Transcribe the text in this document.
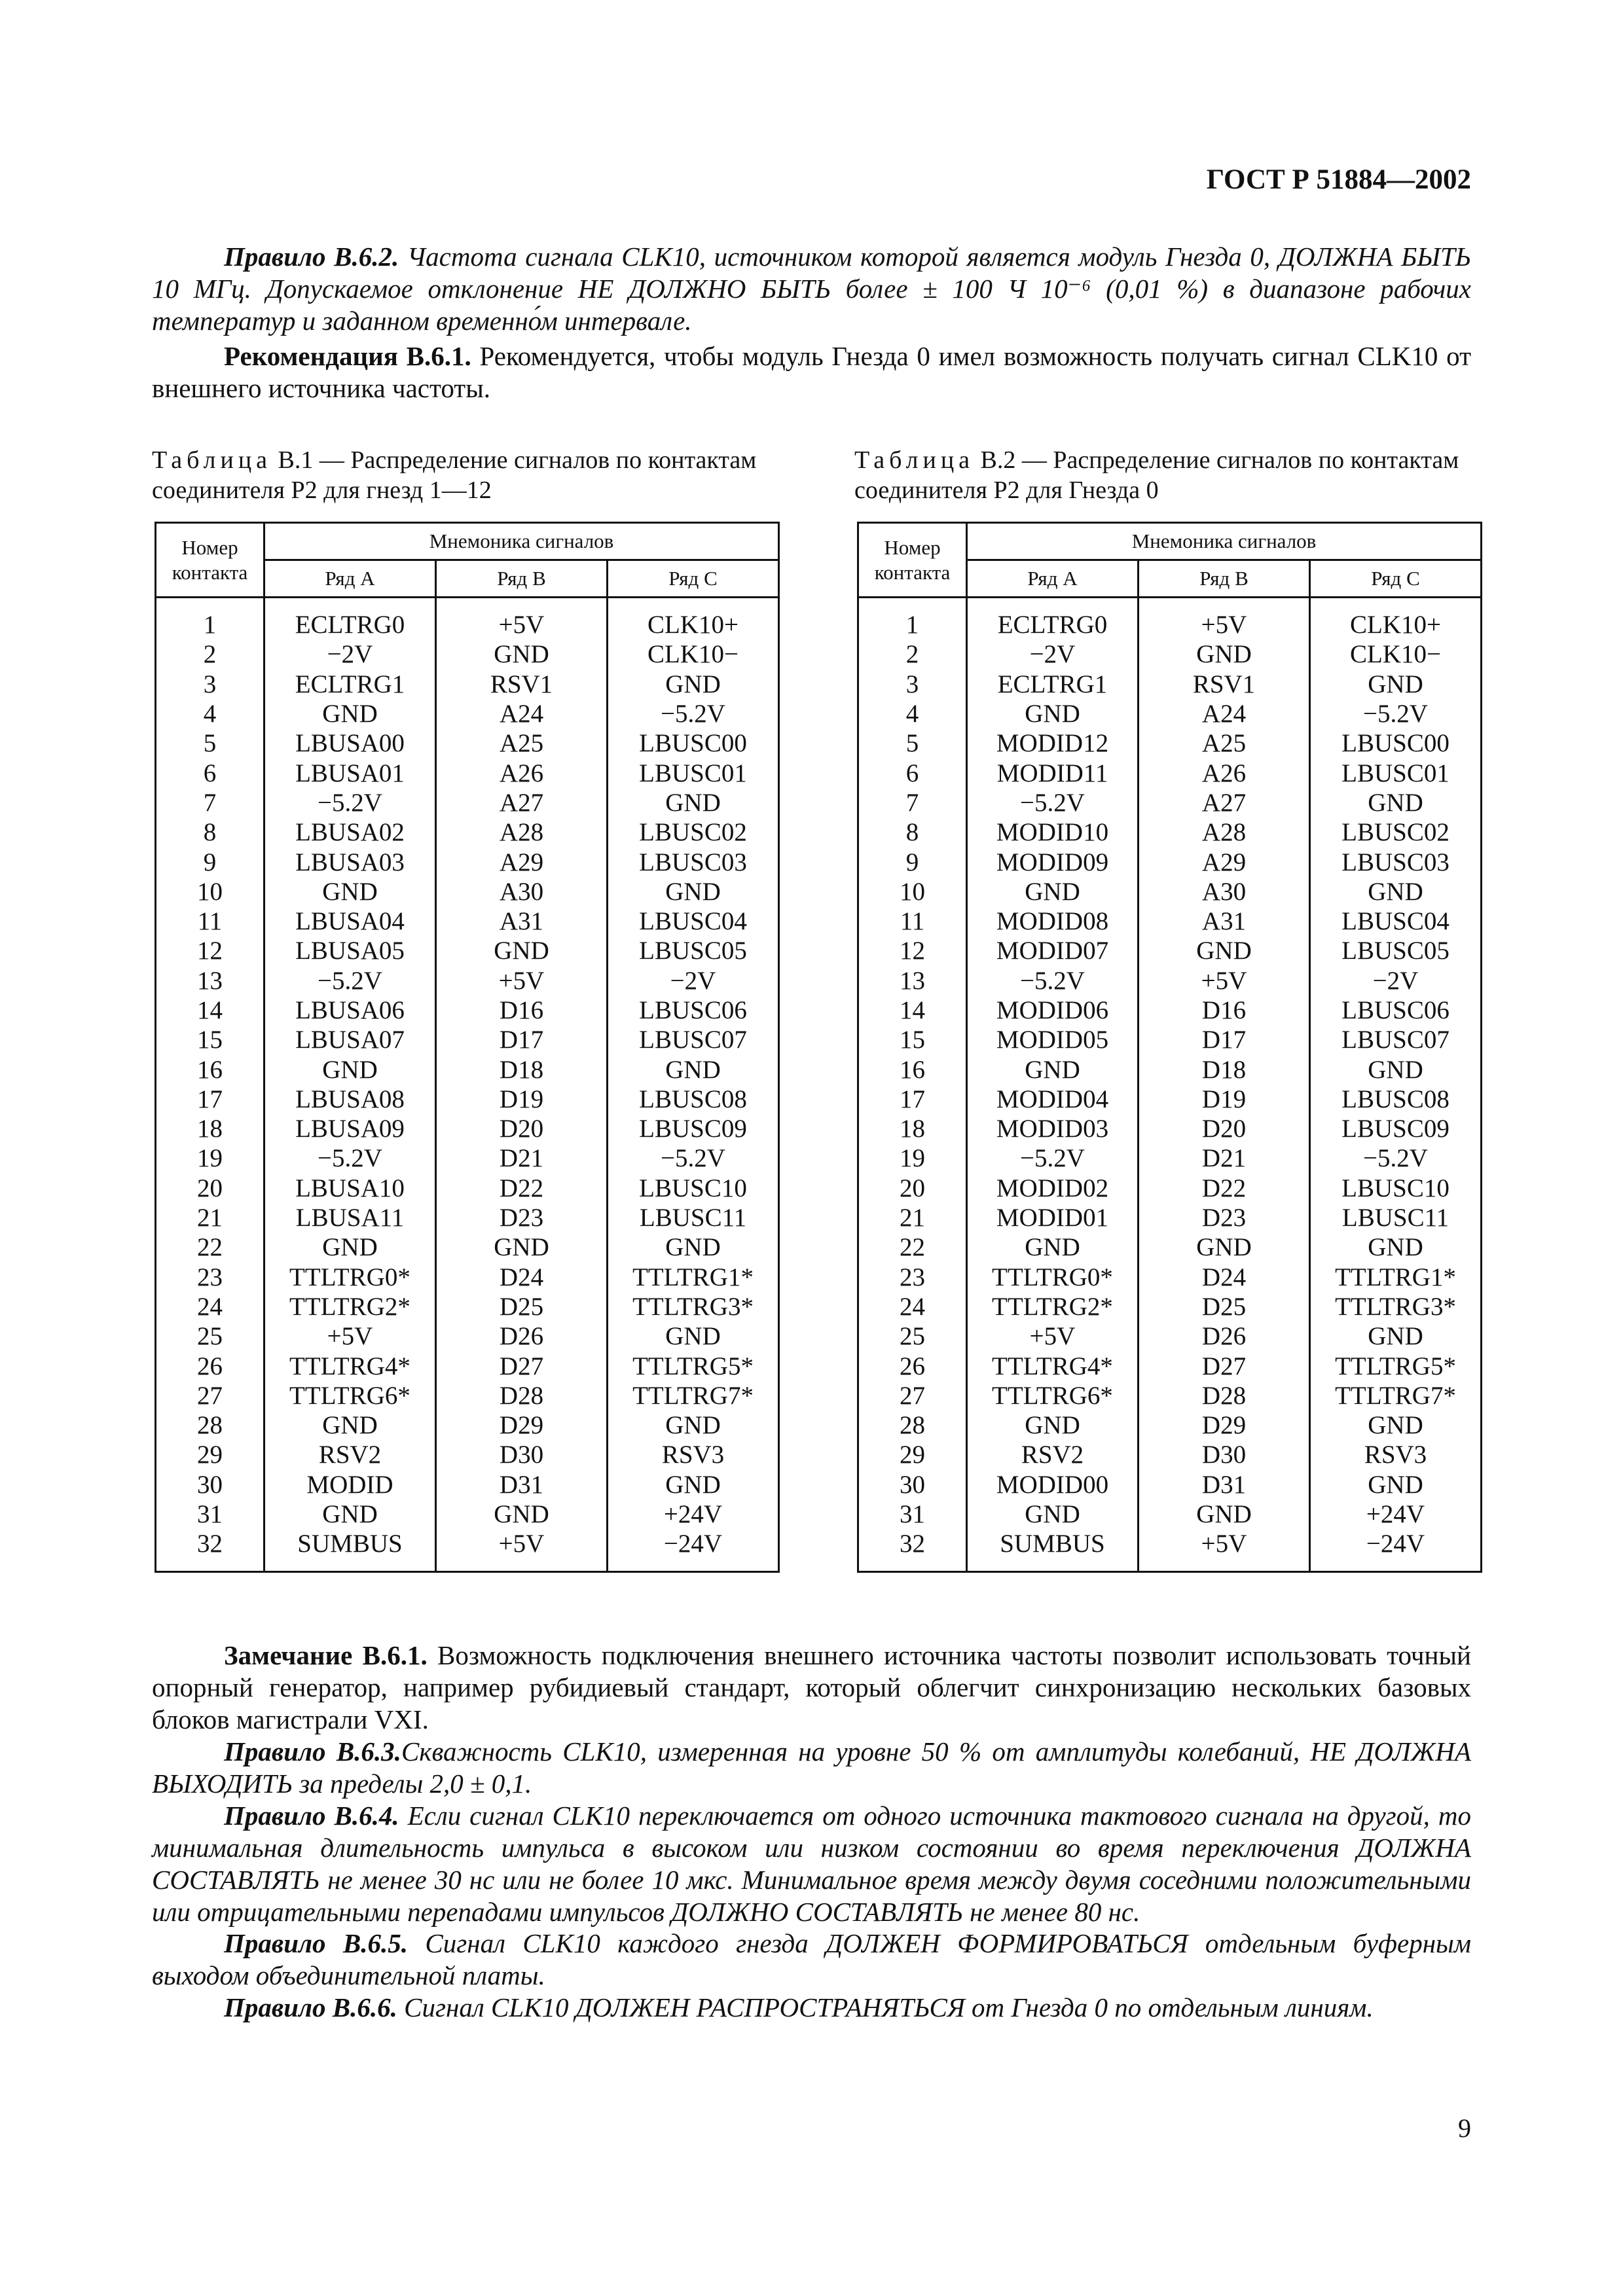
ГОСТ Р 51884—2002

Правило В.6.2. Частота сигнала CLK10, источником которой является модуль Гнезда 0, ДОЛЖНА БЫТЬ 10 МГц. Допускаемое отклонение НЕ ДОЛЖНО БЫТЬ более ± 100 Ч 10⁻⁶ (0,01 %) в диапазоне рабочих температур и заданном временно́м интервале.

Рекомендация В.6.1. Рекомендуется, чтобы модуль Гнезда 0 имел возможность получать сигнал CLK10 от внешнего источника частоты.

Таблица В.1 — Распределение сигналов по контактам соединителя P2 для гнезд 1—12
Таблица В.2 — Распределение сигналов по контактам соединителя P2 для Гнезда 0
Номер контакта	Мнемоника сигналов		
	Ряд А	Ряд В	Ряд С
1	ECLTRG0	+5V	CLK10+
2	−2V	GND	CLK10−
3	ECLTRG1	RSV1	GND
4	GND	A24	−5.2V
5	LBUSA00	A25	LBUSC00
6	LBUSA01	A26	LBUSC01
7	−5.2V	A27	GND
8	LBUSA02	A28	LBUSC02
9	LBUSA03	A29	LBUSC03
10	GND	A30	GND
11	LBUSA04	A31	LBUSC04
12	LBUSA05	GND	LBUSC05
13	−5.2V	+5V	−2V
14	LBUSA06	D16	LBUSC06
15	LBUSA07	D17	LBUSC07
16	GND	D18	GND
17	LBUSA08	D19	LBUSC08
18	LBUSA09	D20	LBUSC09
19	−5.2V	D21	−5.2V
20	LBUSA10	D22	LBUSC10
21	LBUSA11	D23	LBUSC11
22	GND	GND	GND
23	TTLTRG0*	D24	TTLTRG1*
24	TTLTRG2*	D25	TTLTRG3*
25	+5V	D26	GND
26	TTLTRG4*	D27	TTLTRG5*
27	TTLTRG6*	D28	TTLTRG7*
28	GND	D29	GND
29	RSV2	D30	RSV3
30	MODID	D31	GND
31	GND	GND	+24V
32	SUMBUS	+5V	−24V
Номер контакта	Мнемоника сигналов		
	Ряд А	Ряд В	Ряд С
1	ECLTRG0	+5V	CLK10+
2	−2V	GND	CLK10−
3	ECLTRG1	RSV1	GND
4	GND	A24	−5.2V
5	MODID12	A25	LBUSC00
6	MODID11	A26	LBUSC01
7	−5.2V	A27	GND
8	MODID10	A28	LBUSC02
9	MODID09	A29	LBUSC03
10	GND	A30	GND
11	MODID08	A31	LBUSC04
12	MODID07	GND	LBUSC05
13	−5.2V	+5V	−2V
14	MODID06	D16	LBUSC06
15	MODID05	D17	LBUSC07
16	GND	D18	GND
17	MODID04	D19	LBUSC08
18	MODID03	D20	LBUSC09
19	−5.2V	D21	−5.2V
20	MODID02	D22	LBUSC10
21	MODID01	D23	LBUSC11
22	GND	GND	GND
23	TTLTRG0*	D24	TTLTRG1*
24	TTLTRG2*	D25	TTLTRG3*
25	+5V	D26	GND
26	TTLTRG4*	D27	TTLTRG5*
27	TTLTRG6*	D28	TTLTRG7*
28	GND	D29	GND
29	RSV2	D30	RSV3
30	MODID00	D31	GND
31	GND	GND	+24V
32	SUMBUS	+5V	−24V

Замечание В.6.1. Возможность подключения внешнего источника частоты позволит использовать точный опорный генератор, например рубидиевый стандарт, который облегчит синхронизацию нескольких базовых блоков магистрали VXI.

Правило В.6.3.Скважность CLK10, измеренная на уровне 50 % от амплитуды колебаний, НЕ ДОЛЖНА ВЫХОДИТЬ за пределы 2,0 ± 0,1.

Правило В.6.4. Если сигнал CLK10 переключается от одного источника тактового сигнала на другой, то минимальная длительность импульса в высоком или низком состоянии во время переключения ДОЛЖНА СОСТАВЛЯТЬ не менее 30 нс или не более 10 мкс. Минимальное время между двумя соседними положительными или отрицательными перепадами импульсов ДОЛЖНО СОСТАВЛЯТЬ не менее 80 нс.

Правило В.6.5. Сигнал CLK10 каждого гнезда ДОЛЖЕН ФОРМИРОВАТЬСЯ отдельным буферным выходом объединительной платы.

Правило В.6.6. Сигнал CLK10 ДОЛЖЕН РАСПРОСТРАНЯТЬСЯ от Гнезда 0 по отдельным линиям.

9
